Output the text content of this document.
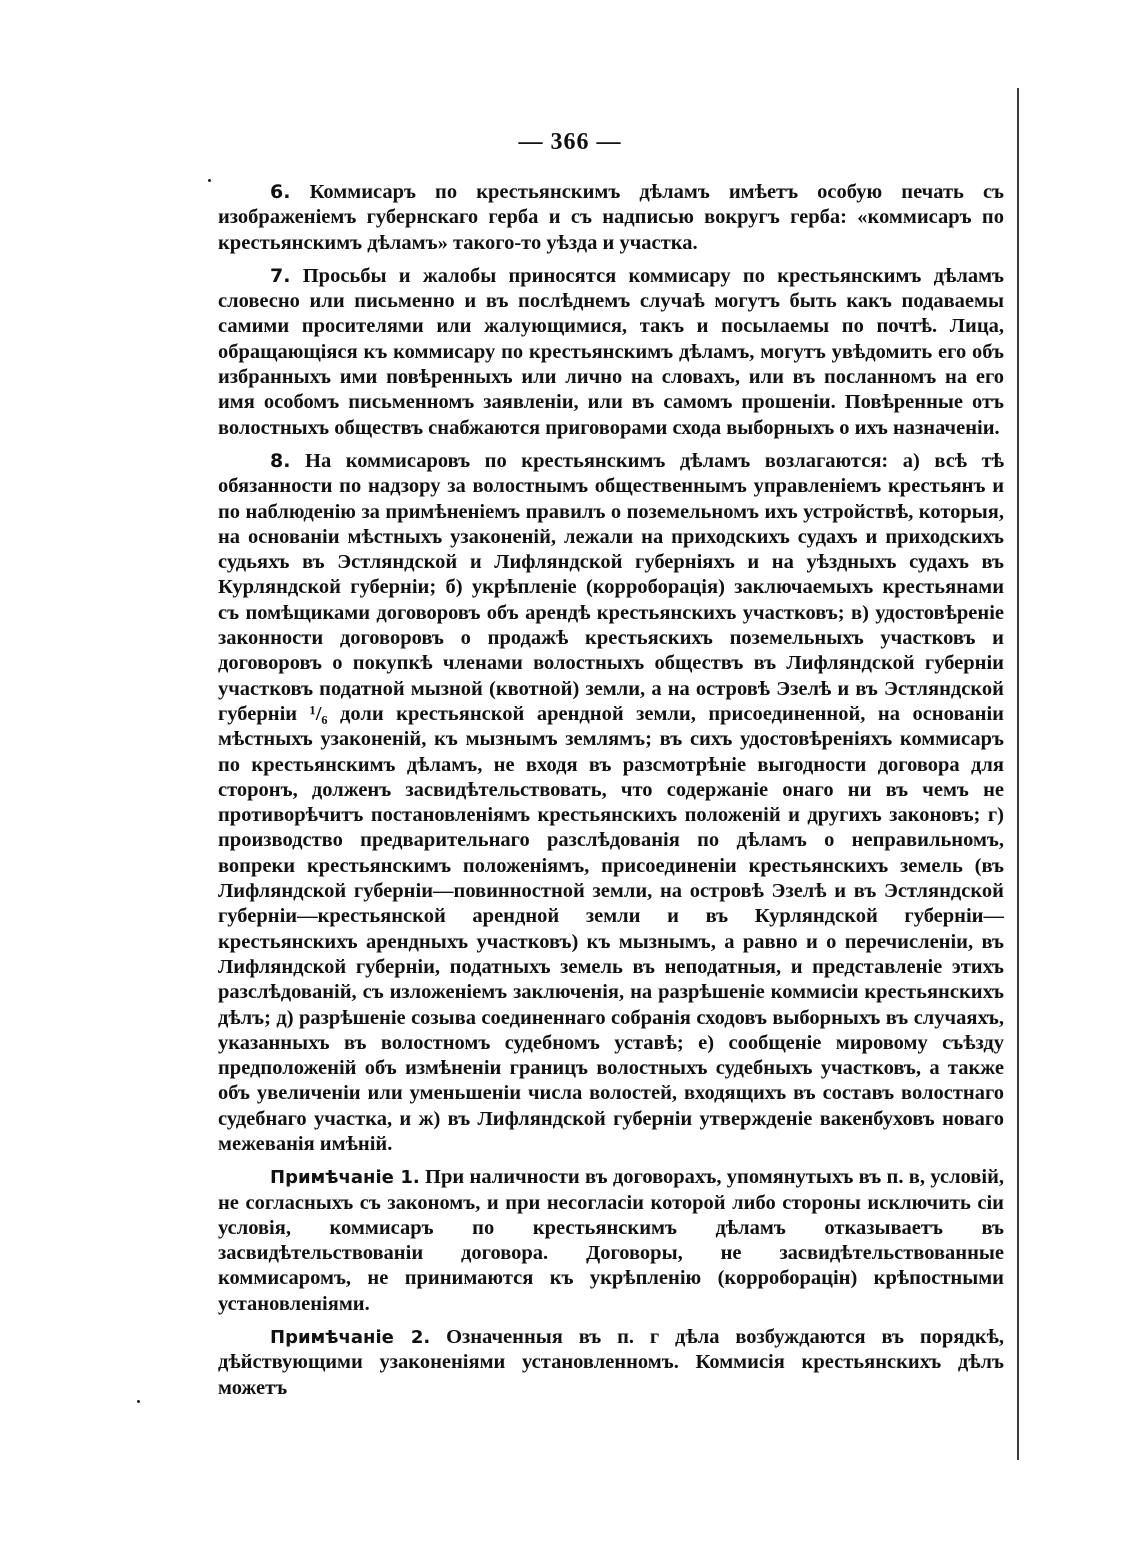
— 366 —

6. Коммисаръ по крестьянскимъ дѣламъ имѣетъ особую печать съ изображеніемъ губернскаго герба и съ надписью вокругъ герба: «коммисаръ по крестьянскимъ дѣламъ» такого-то уѣзда и участка.

7. Просьбы и жалобы приносятся коммисару по крестьянскимъ дѣламъ словесно или письменно и въ послѣднемъ случаѣ могутъ быть какъ подаваемы самими просителями или жалующимися, такъ и посылаемы по почтѣ. Лица, обращающіяся къ коммисару по крестьянскимъ дѣламъ, могутъ увѣдомить его объ избранныхъ ими повѣренныхъ или лично на словахъ, или въ посланномъ на его имя особомъ письменномъ заявленіи, или въ самомъ прошеніи. Повѣренные отъ волостныхъ обществъ снабжаются приговорами схода выборныхъ о ихъ назначеніи.

8. На коммисаровъ по крестьянскимъ дѣламъ возлагаются: а) всѣ тѣ обязанности по надзору за волостнымъ общественнымъ управленіемъ крестьянъ и по наблюденію за примѣненіемъ правилъ о поземельномъ ихъ устройствѣ, которыя, на основаніи мѣстныхъ узаконеній, лежали на приходскихъ судахъ и приходскихъ судьяхъ въ Эстляндской и Лифляндской губерніяхъ и на уѣздныхъ судахъ въ Курляндской губерніи; б) укрѣпленіе (корроборація) заключаемыхъ крестьянами съ помѣщиками договоровъ объ арендѣ крестьянскихъ участковъ; в) удостовѣреніе законности договоровъ о продажѣ крестьяскихъ поземельныхъ участковъ и договоровъ о покупкѣ членами волостныхъ обществъ въ Лифляндской губерніи участковъ податной мызной (квотной) земли, а на островѣ Эзелѣ и въ Эстляндской губерніи ¹/₆ доли крестьянской арендной земли, присоединенной, на основаніи мѣстныхъ узаконеній, къ мызнымъ землямъ; въ сихъ удостовѣреніяхъ коммисаръ по крестьянскимъ дѣламъ, не входя въ разсмотрѣніе выгодности договора для сторонъ, долженъ засвидѣтельствовать, что содержаніе онаго ни въ чемъ не противорѣчитъ постановленіямъ крестьянскихъ положеній и другихъ законовъ; г) производство предварительнаго разслѣдованія по дѣламъ о неправильномъ, вопреки крестьянскимъ положеніямъ, присоединеніи крестьянскихъ земель (въ Лифляндской губерніи—повинностной земли, на островѣ Эзелѣ и въ Эстляндской губерніи—крестьянской арендной земли и въ Курляндской губерніи—крестьянскихъ арендныхъ участковъ) къ мызнымъ, а равно и о перечисленіи, въ Лифляндской губерніи, податныхъ земель въ неподатныя, и представленіе этихъ разслѣдованій, съ изложеніемъ заключенія, на разрѣшеніе коммисіи крестьянскихъ дѣлъ; д) разрѣшеніе созыва соединеннаго собранія сходовъ выборныхъ въ случаяхъ, указанныхъ въ волостномъ судебномъ уставѣ; е) сообщеніе мировому съѣзду предположеній объ измѣненіи границъ волостныхъ судебныхъ участковъ, а также объ увеличеніи или уменьшеніи числа волостей, входящихъ въ составъ волостнаго судебнаго участка, и ж) въ Лифляндской губерніи утвержденіе вакенбуховъ новаго межеванія имѣній.

Примѣчаніе 1. При наличности въ договорахъ, упомянутыхъ въ п. в, условій, не согласныхъ съ закономъ, и при несогласіи которой либо стороны исключить сіи условія, коммисаръ по крестьянскимъ дѣламъ отказываетъ въ засвидѣтельствованіи договора. Договоры, не засвидѣтельствованные коммисаромъ, не принимаются къ укрѣпленію (корроборацін) крѣпостными установленіями.

Примѣчаніе 2. Означенныя въ п. г дѣла возбуждаются въ порядкѣ, дѣйствующими узаконеніями установленномъ. Коммисія крестьянскихъ дѣлъ можетъ
